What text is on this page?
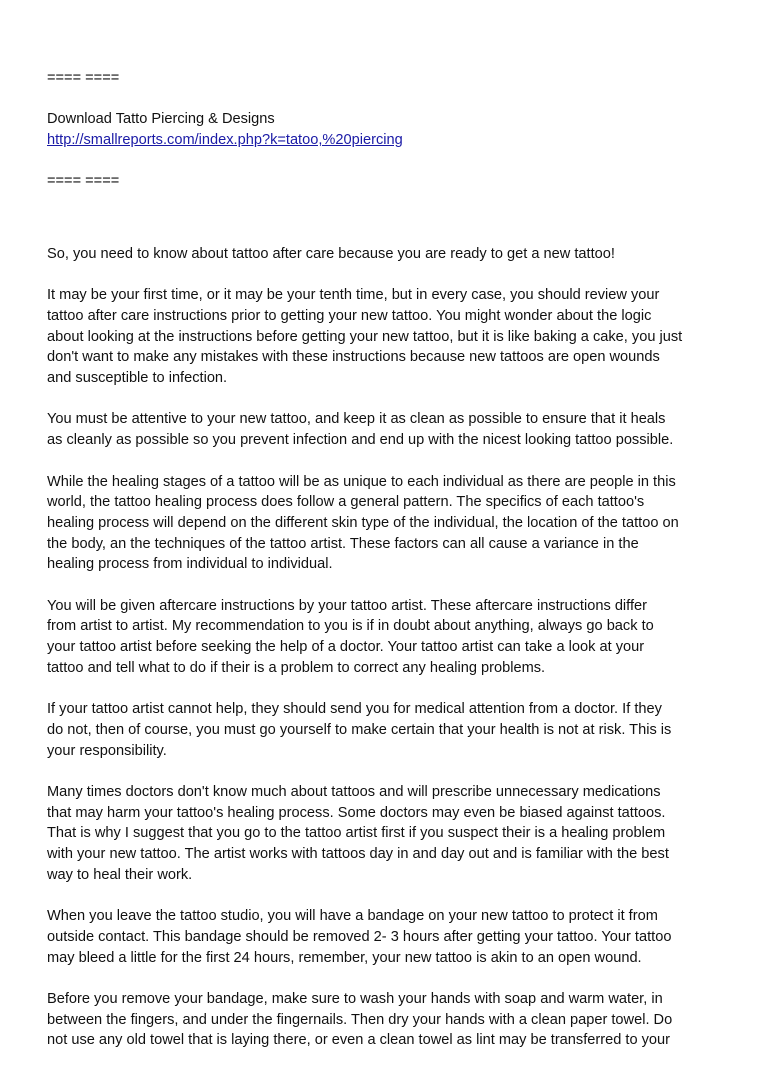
==== ====
Download Tatto Piercing & Designs
http://smallreports.com/index.php?k=tatoo,%20piercing
==== ====
So, you need to know about tattoo after care because you are ready to get a new tattoo!
It may be your first time, or it may be your tenth time, but in every case, you should review your
tattoo after care instructions prior to getting your new tattoo. You might wonder about the logic
about looking at the instructions before getting your new tattoo, but it is like baking a cake, you just
don't want to make any mistakes with these instructions because new tattoos are open wounds
and susceptible to infection.
You must be attentive to your new tattoo, and keep it as clean as possible to ensure that it heals
as cleanly as possible so you prevent infection and end up with the nicest looking tattoo possible.
While the healing stages of a tattoo will be as unique to each individual as there are people in this
world, the tattoo healing process does follow a general pattern. The specifics of each tattoo's
healing process will depend on the different skin type of the individual, the location of the tattoo on
the body, an the techniques of the tattoo artist. These factors can all cause a variance in the
healing process from individual to individual.
You will be given aftercare instructions by your tattoo artist. These aftercare instructions differ
from artist to artist. My recommendation to you is if in doubt about anything, always go back to
your tattoo artist before seeking the help of a doctor. Your tattoo artist can take a look at your
tattoo and tell what to do if their is a problem to correct any healing problems.
If your tattoo artist cannot help, they should send you for medical attention from a doctor. If they
do not, then of course, you must go yourself to make certain that your health is not at risk. This is
your responsibility.
Many times doctors don't know much about tattoos and will prescribe unnecessary medications
that may harm your tattoo's healing process. Some doctors may even be biased against tattoos.
That is why I suggest that you go to the tattoo artist first if you suspect their is a healing problem
with your new tattoo. The artist works with tattoos day in and day out and is familiar with the best
way to heal their work.
When you leave the tattoo studio, you will have a bandage on your new tattoo to protect it from
outside contact. This bandage should be removed 2- 3 hours after getting your tattoo. Your tattoo
may bleed a little for the first 24 hours, remember, your new tattoo is akin to an open wound.
Before you remove your bandage, make sure to wash your hands with soap and warm water, in
between the fingers, and under the fingernails. Then dry your hands with a clean paper towel. Do
not use any old towel that is laying there, or even a clean towel as lint may be transferred to your
